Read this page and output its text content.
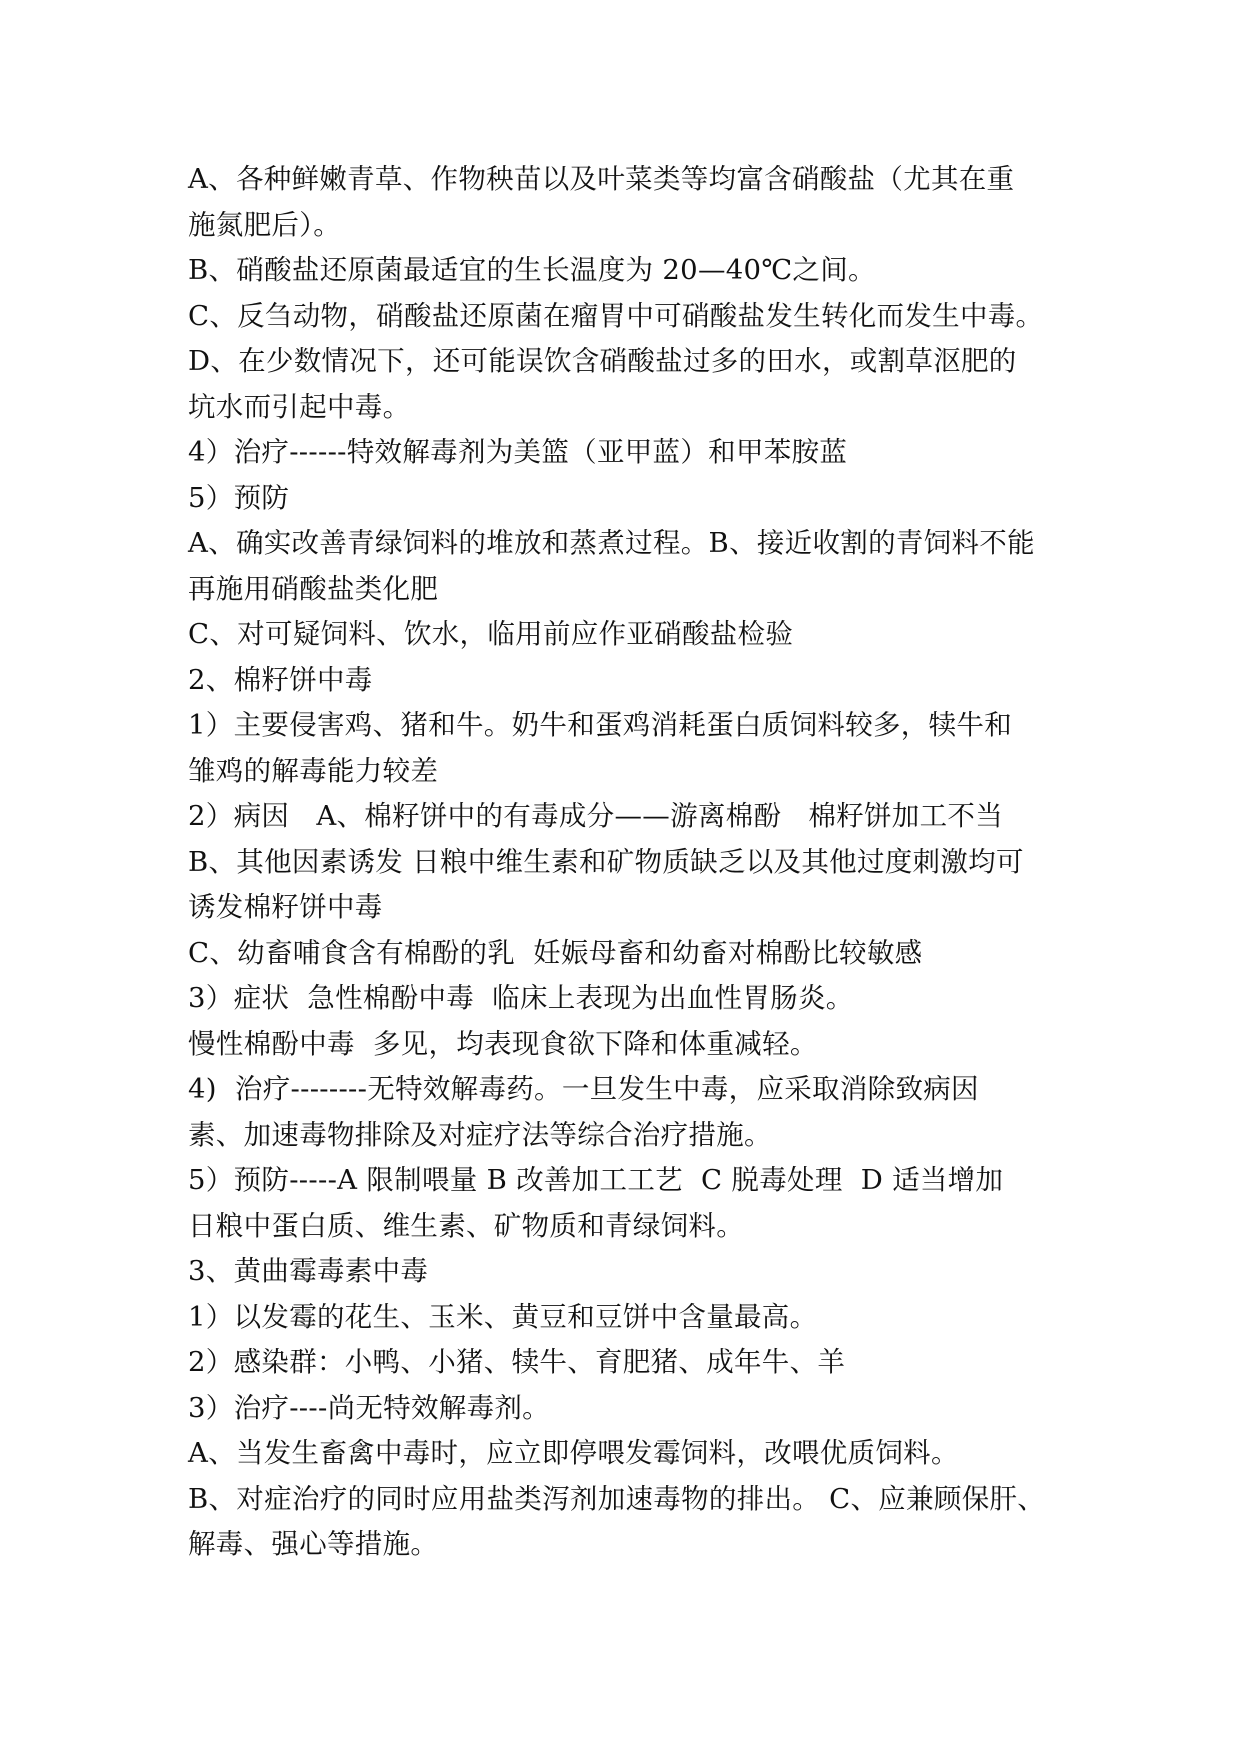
A、各种鲜嫩青草、作物秧苗以及叶菜类等均富含硝酸盐（尤其在重
施氮肥后）。
B、硝酸盐还原菌最适宜的生长温度为 20—40℃之间。
C、反刍动物，硝酸盐还原菌在瘤胃中可硝酸盐发生转化而发生中毒。
D、在少数情况下，还可能误饮含硝酸盐过多的田水，或割草沤肥的
坑水而引起中毒。
4）治疗------特效解毒剂为美篮（亚甲蓝）和甲苯胺蓝
5）预防
A、确实改善青绿饲料的堆放和蒸煮过程。B、接近收割的青饲料不能
再施用硝酸盐类化肥
C、对可疑饲料、饮水，临用前应作亚硝酸盐检验
2、棉籽饼中毒
1）主要侵害鸡、猪和牛。奶牛和蛋鸡消耗蛋白质饲料较多，犊牛和
雏鸡的解毒能力较差
2）病因   A、棉籽饼中的有毒成分——游离棉酚   棉籽饼加工不当
B、其他因素诱发 日粮中维生素和矿物质缺乏以及其他过度刺激均可
诱发棉籽饼中毒
C、幼畜哺食含有棉酚的乳  妊娠母畜和幼畜对棉酚比较敏感
3）症状  急性棉酚中毒  临床上表现为出血性胃肠炎。
慢性棉酚中毒  多见，均表现食欲下降和体重减轻。
4)  治疗--------无特效解毒药。一旦发生中毒，应采取消除致病因
素、加速毒物排除及对症疗法等综合治疗措施。
5）预防-----A 限制喂量 B 改善加工工艺  C 脱毒处理  D 适当增加
日粮中蛋白质、维生素、矿物质和青绿饲料。
3、黄曲霉毒素中毒
1）以发霉的花生、玉米、黄豆和豆饼中含量最高。
2）感染群：小鸭、小猪、犊牛、育肥猪、成年牛、羊
3）治疗----尚无特效解毒剂。
A、当发生畜禽中毒时，应立即停喂发霉饲料，改喂优质饲料。
B、对症治疗的同时应用盐类泻剂加速毒物的排出。 C、应兼顾保肝、
解毒、强心等措施。
